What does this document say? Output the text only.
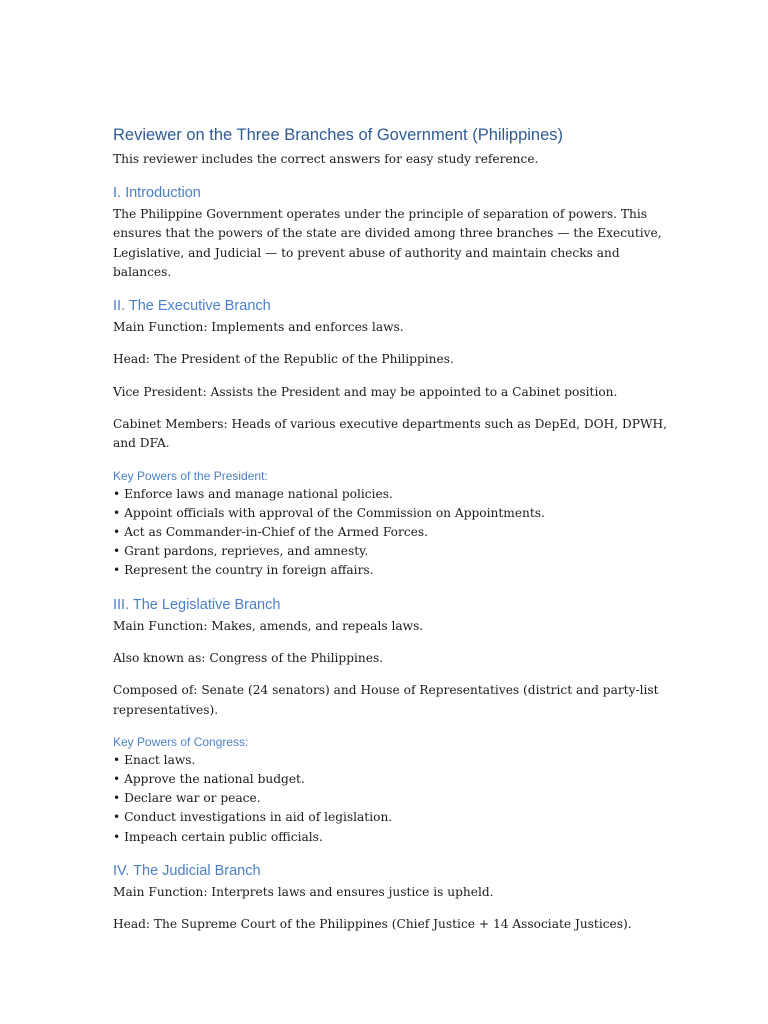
Reviewer on the Three Branches of Government (Philippines)

This reviewer includes the correct answers for easy study reference.

I. Introduction

The Philippine Government operates under the principle of separation of powers. This ensures that the powers of the state are divided among three branches — the Executive, Legislative, and Judicial — to prevent abuse of authority and maintain checks and balances.

II. The Executive Branch

Main Function: Implements and enforces laws.

Head: The President of the Republic of the Philippines.

Vice President: Assists the President and may be appointed to a Cabinet position.

Cabinet Members: Heads of various executive departments such as DepEd, DOH, DPWH, and DFA.

Key Powers of the President:
• Enforce laws and manage national policies.
• Appoint officials with approval of the Commission on Appointments.
• Act as Commander-in-Chief of the Armed Forces.
• Grant pardons, reprieves, and amnesty.
• Represent the country in foreign affairs.
III. The Legislative Branch

Main Function: Makes, amends, and repeals laws.

Also known as: Congress of the Philippines.

Composed of: Senate (24 senators) and House of Representatives (district and party-list representatives).

Key Powers of Congress:
• Enact laws.
• Approve the national budget.
• Declare war or peace.
• Conduct investigations in aid of legislation.
• Impeach certain public officials.
IV. The Judicial Branch

Main Function: Interprets laws and ensures justice is upheld.

Head: The Supreme Court of the Philippines (Chief Justice + 14 Associate Justices).
